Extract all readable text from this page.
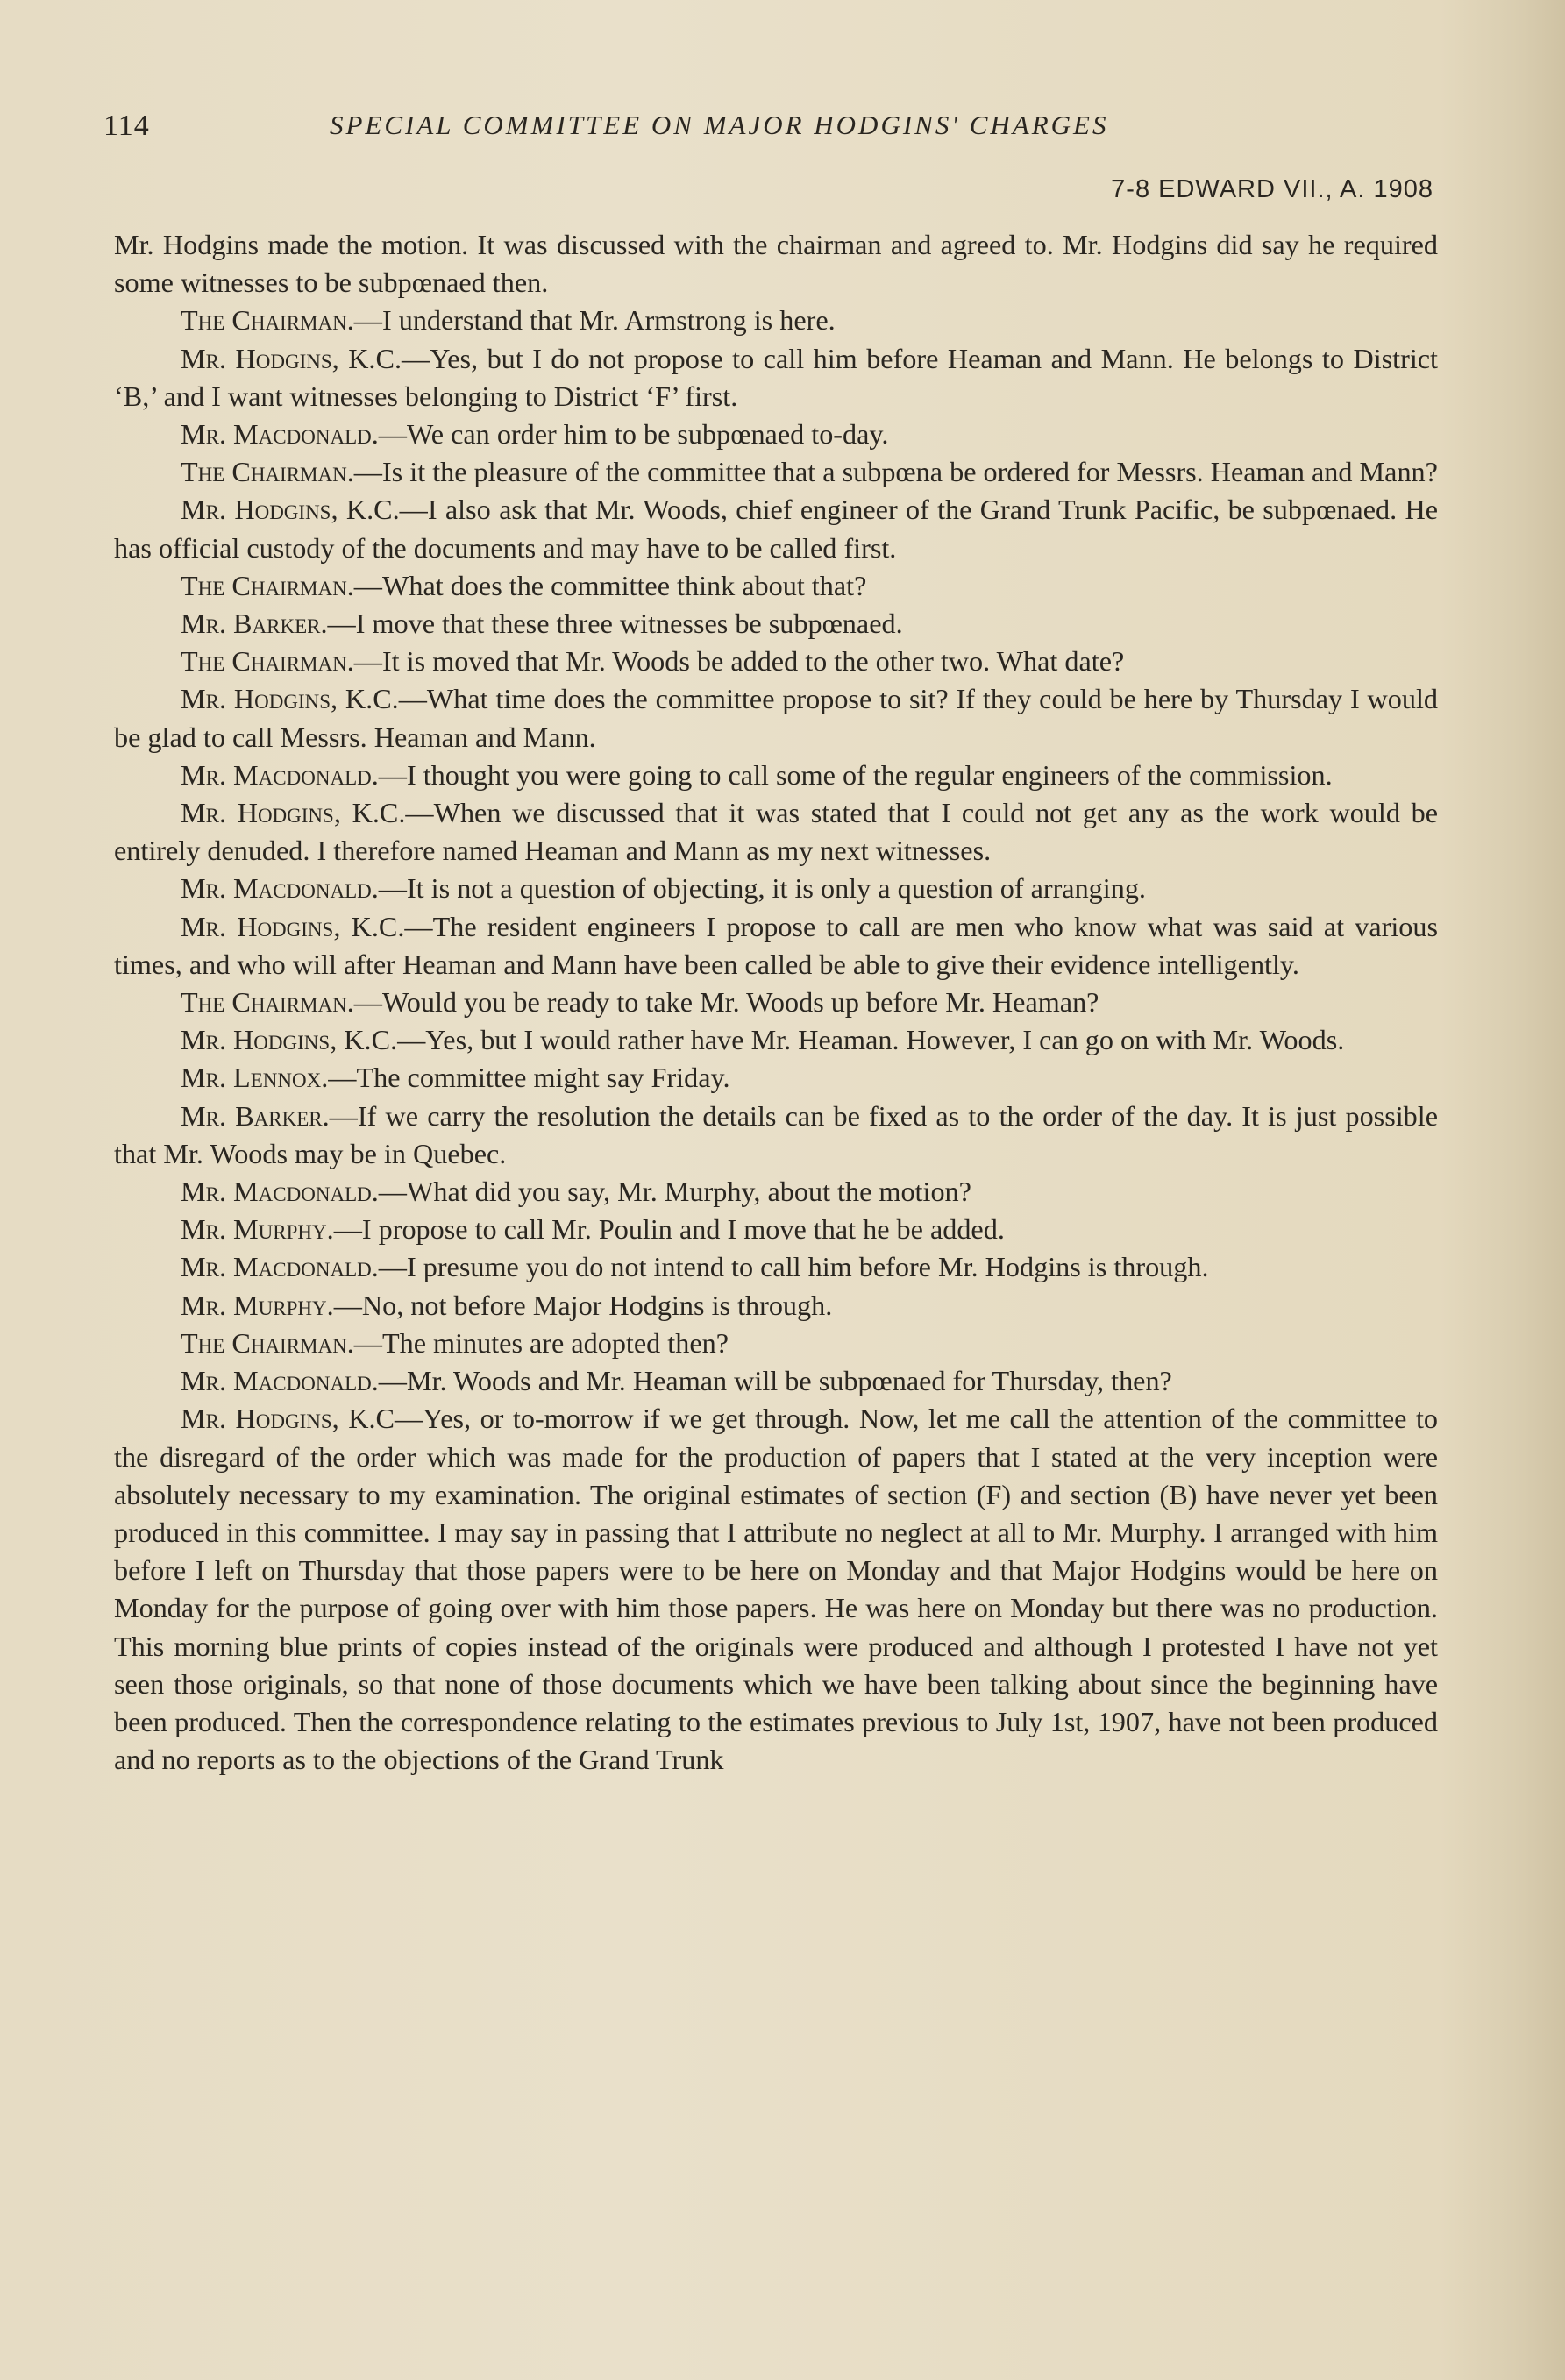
114	SPECIAL COMMITTEE ON MAJOR HODGINS' CHARGES
7-8 EDWARD VII., A. 1908

Mr. Hodgins made the motion. It was discussed with the chairman and agreed to. Mr. Hodgins did say he required some witnesses to be subpœnaed then.

The Chairman.—I understand that Mr. Armstrong is here.

Mr. Hodgins, K.C.—Yes, but I do not propose to call him before Heaman and Mann. He belongs to District ‘B,’ and I want witnesses belonging to District ‘F’ first.

Mr. Macdonald.—We can order him to be subpœnaed to-day.

The Chairman.—Is it the pleasure of the committee that a subpœna be ordered for Messrs. Heaman and Mann?

Mr. Hodgins, K.C.—I also ask that Mr. Woods, chief engineer of the Grand Trunk Pacific, be subpœnaed. He has official custody of the documents and may have to be called first.

The Chairman.—What does the committee think about that?

Mr. Barker.—I move that these three witnesses be subpœnaed.

The Chairman.—It is moved that Mr. Woods be added to the other two. What date?

Mr. Hodgins, K.C.—What time does the committee propose to sit? If they could be here by Thursday I would be glad to call Messrs. Heaman and Mann.

Mr. Macdonald.—I thought you were going to call some of the regular engineers of the commission.

Mr. Hodgins, K.C.—When we discussed that it was stated that I could not get any as the work would be entirely denuded. I therefore named Heaman and Mann as my next witnesses.

Mr. Macdonald.—It is not a question of objecting, it is only a question of arranging.

Mr. Hodgins, K.C.—The resident engineers I propose to call are men who know what was said at various times, and who will after Heaman and Mann have been called be able to give their evidence intelligently.

The Chairman.—Would you be ready to take Mr. Woods up before Mr. Heaman?

Mr. Hodgins, K.C.—Yes, but I would rather have Mr. Heaman. However, I can go on with Mr. Woods.

Mr. Lennox.—The committee might say Friday.

Mr. Barker.—If we carry the resolution the details can be fixed as to the order of the day. It is just possible that Mr. Woods may be in Quebec.

Mr. Macdonald.—What did you say, Mr. Murphy, about the motion?

Mr. Murphy.—I propose to call Mr. Poulin and I move that he be added.

Mr. Macdonald.—I presume you do not intend to call him before Mr. Hodgins is through.

Mr. Murphy.—No, not before Major Hodgins is through.

The Chairman.—The minutes are adopted then?

Mr. Macdonald.—Mr. Woods and Mr. Heaman will be subpœnaed for Thursday, then?

Mr. Hodgins, K.C—Yes, or to-morrow if we get through. Now, let me call the attention of the committee to the disregard of the order which was made for the production of papers that I stated at the very inception were absolutely necessary to my examination. The original estimates of section (F) and section (B) have never yet been produced in this committee. I may say in passing that I attribute no neglect at all to Mr. Murphy. I arranged with him before I left on Thursday that those papers were to be here on Monday and that Major Hodgins would be here on Monday for the purpose of going over with him those papers. He was here on Monday but there was no production. This morning blue prints of copies instead of the originals were produced and although I protested I have not yet seen those originals, so that none of those documents which we have been talking about since the beginning have been produced. Then the correspondence relating to the estimates previous to July 1st, 1907, have not been produced and no reports as to the objections of the Grand Trunk
